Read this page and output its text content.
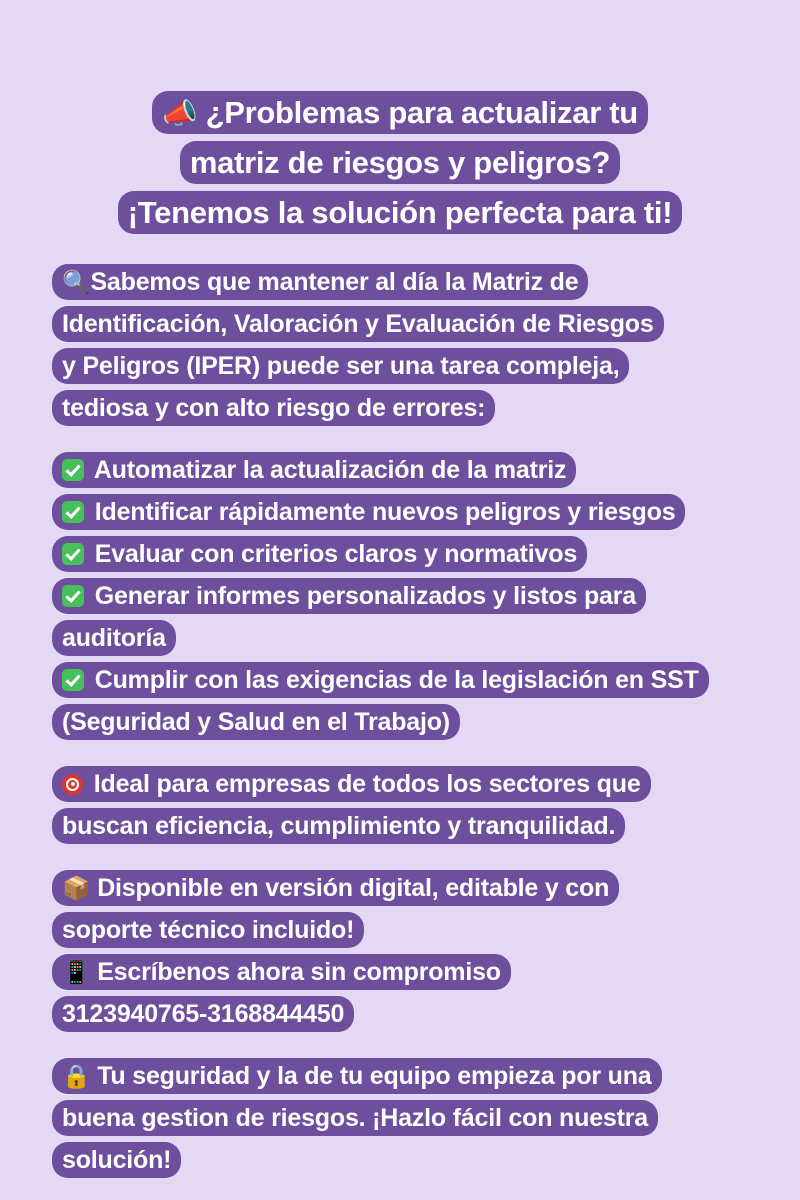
📣 ¿Problemas para actualizar tu
matriz de riesgos y peligros?
¡Tenemos la solución perfecta para ti!
🔍Sabemos que mantener al día la Matriz de
Identificación, Valoración y Evaluación de Riesgos
y Peligros (IPER) puede ser una tarea compleja,
tediosa y con alto riesgo de errores:
Automatizar la actualización de la matriz
Identificar rápidamente nuevos peligros y riesgos
Evaluar con criterios claros y normativos
Generar informes personalizados y listos para
auditoría
Cumplir con las exigencias de la legislación en SST
(Seguridad y Salud en el Trabajo)
Ideal para empresas de todos los sectores que
buscan eficiencia, cumplimiento y tranquilidad.
📦 Disponible en versión digital, editable y con
soporte técnico incluido!
📱 Escríbenos ahora sin compromiso
3123940765-3168844450
🔒 Tu seguridad y la de tu equipo empieza por una
buena gestion de riesgos. ¡Hazlo fácil con nuestra
solución!
